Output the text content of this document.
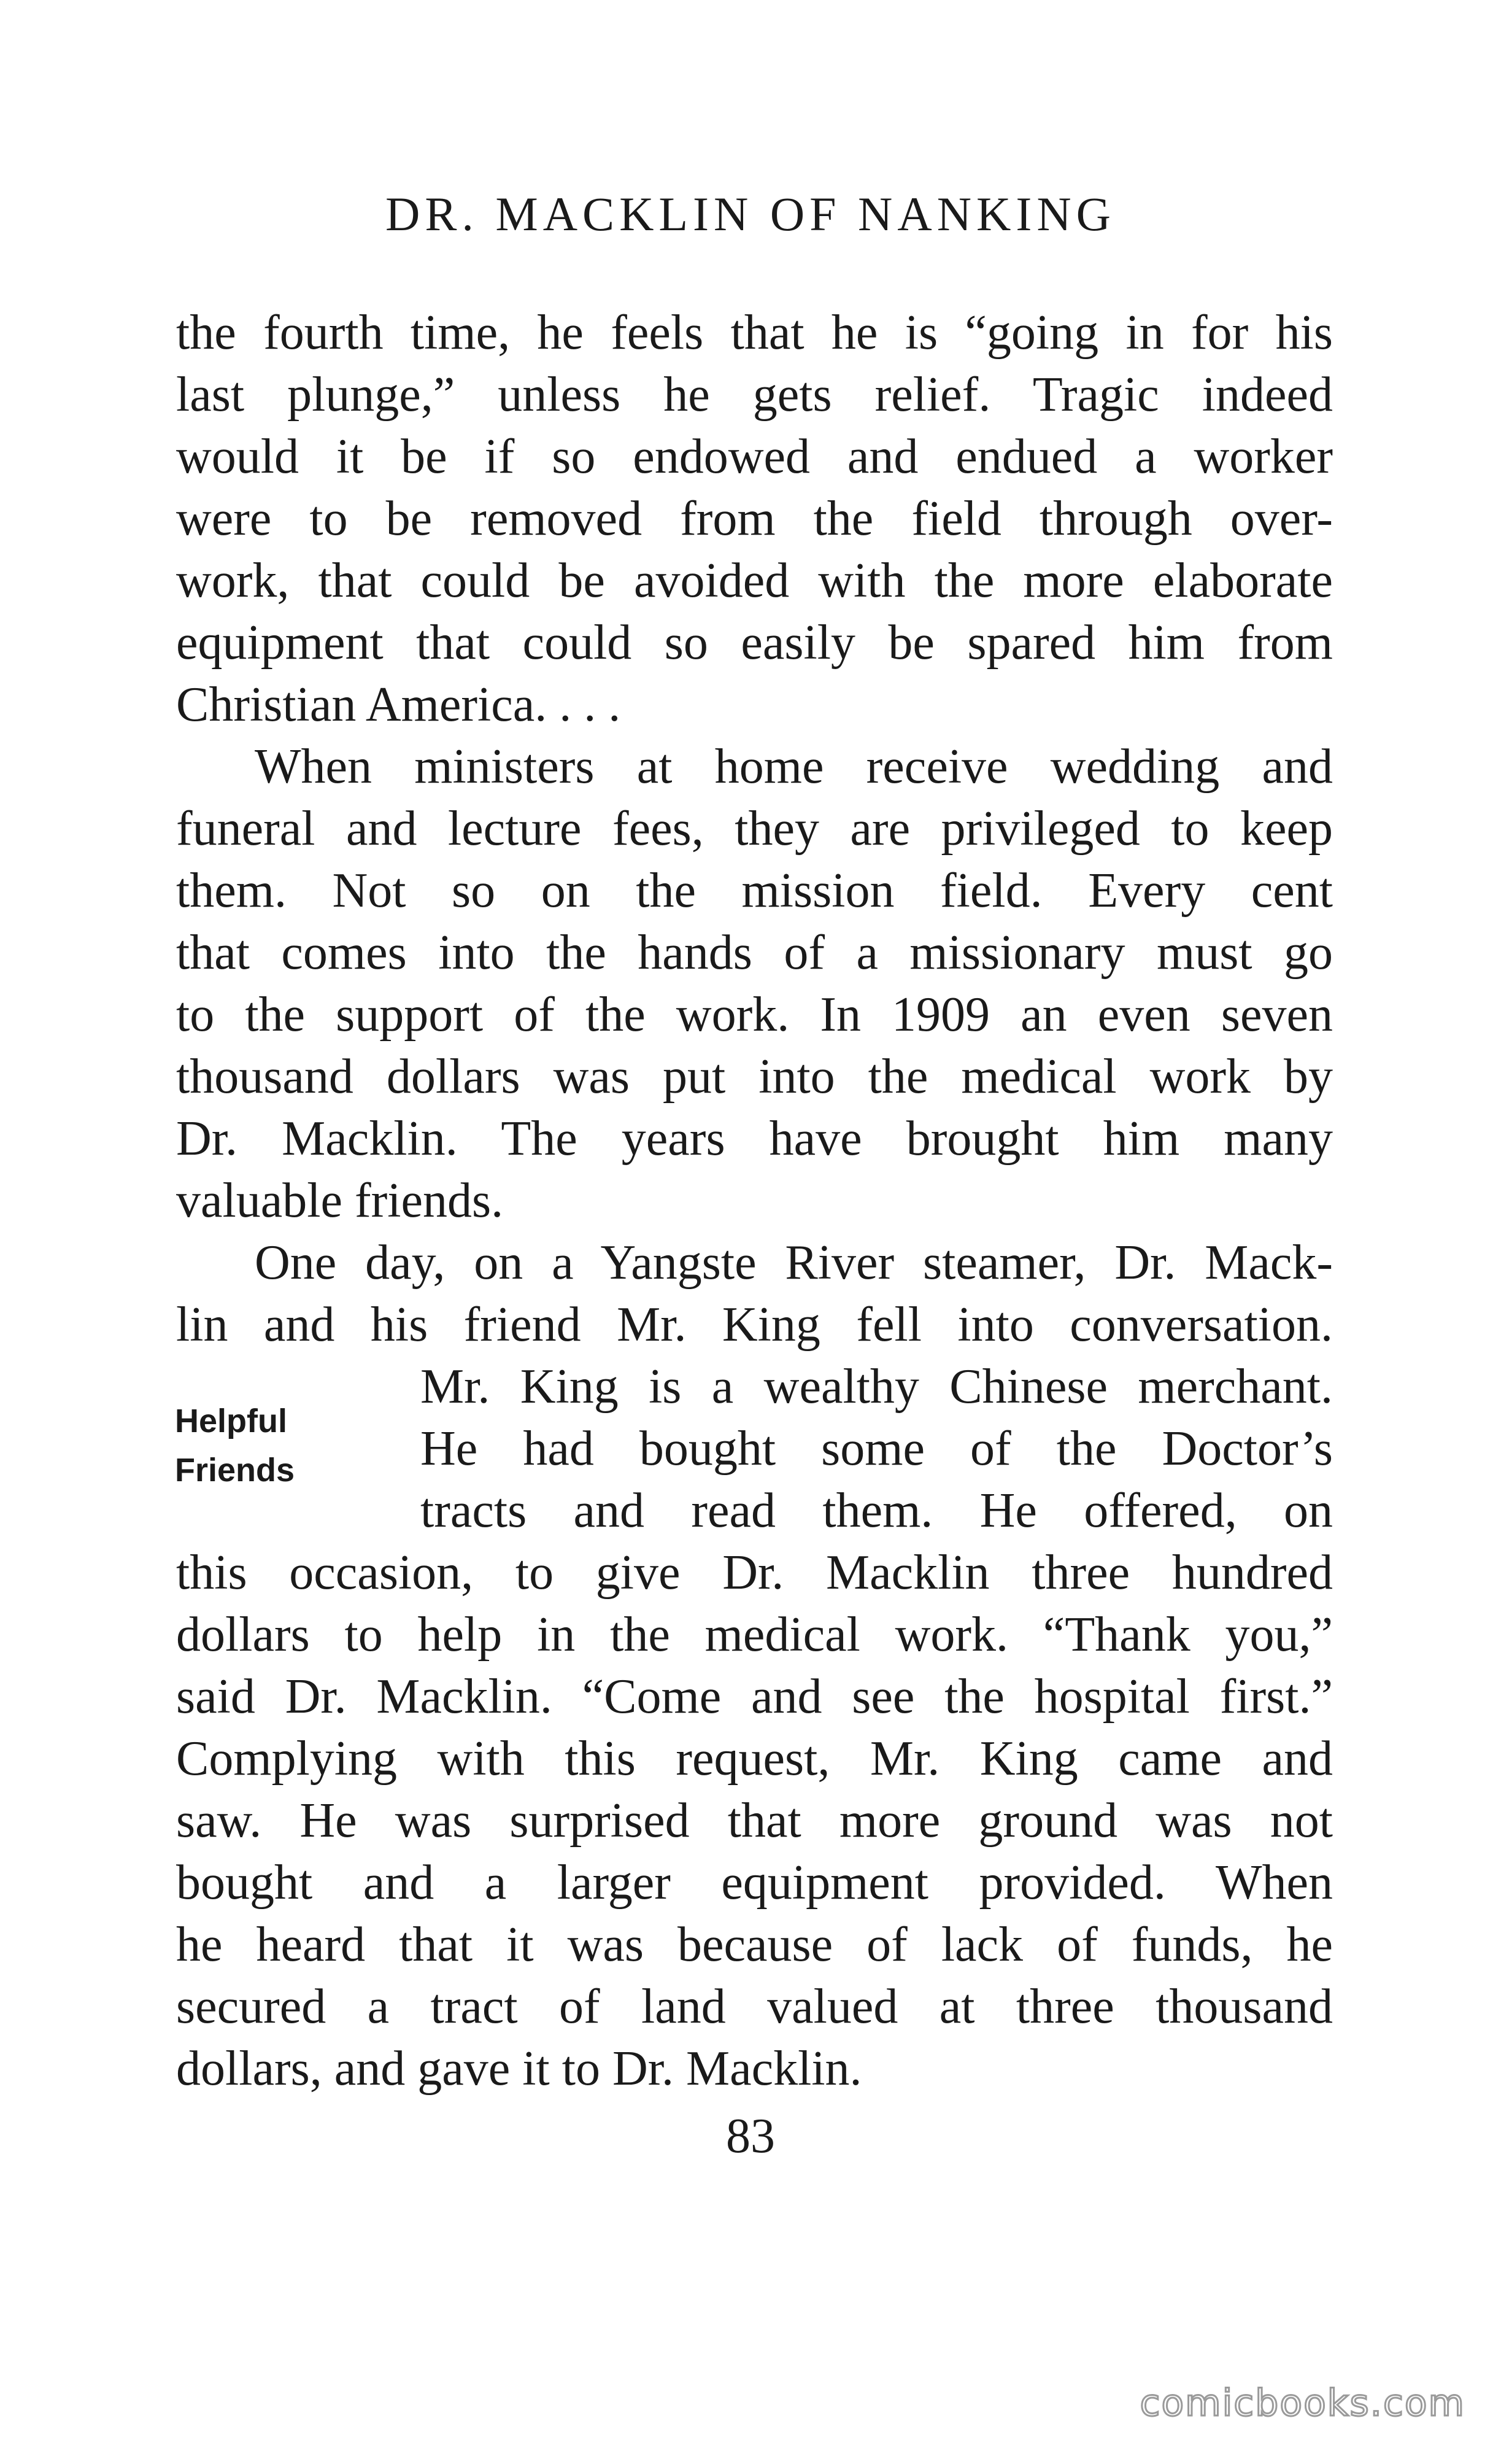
DR. MACKLIN OF NANKING

the fourth time, he feels that he is “going in for his

last plunge,” unless he gets relief. Tragic indeed

would it be if so endowed and endued a worker

were to be removed from the field through over-

work, that could be avoided with the more elaborate

equipment that could so easily be spared him from

Christian America. . . .

When ministers at home receive wedding and

funeral and lecture fees, they are privileged to keep

them. Not so on the mission field. Every cent

that comes into the hands of a missionary must go

to the support of the work. In 1909 an even seven

thousand dollars was put into the medical work by

Dr. Macklin. The years have brought him many

valuable friends.

One day, on a Yangste River steamer, Dr. Mack-

lin and his friend Mr. King fell into conversation.

Mr. King is a wealthy Chinese merchant.

He had bought some of the Doctor’s

tracts and read them. He offered, on

Helpful
Friends

this occasion, to give Dr. Macklin three hundred

dollars to help in the medical work. “Thank you,”

said Dr. Macklin. “Come and see the hospital first.”

Complying with this request, Mr. King came and

saw. He was surprised that more ground was not

bought and a larger equipment provided. When

he heard that it was because of lack of funds, he

secured a tract of land valued at three thousand

dollars, and gave it to Dr. Macklin.

83
comicbooks.com
